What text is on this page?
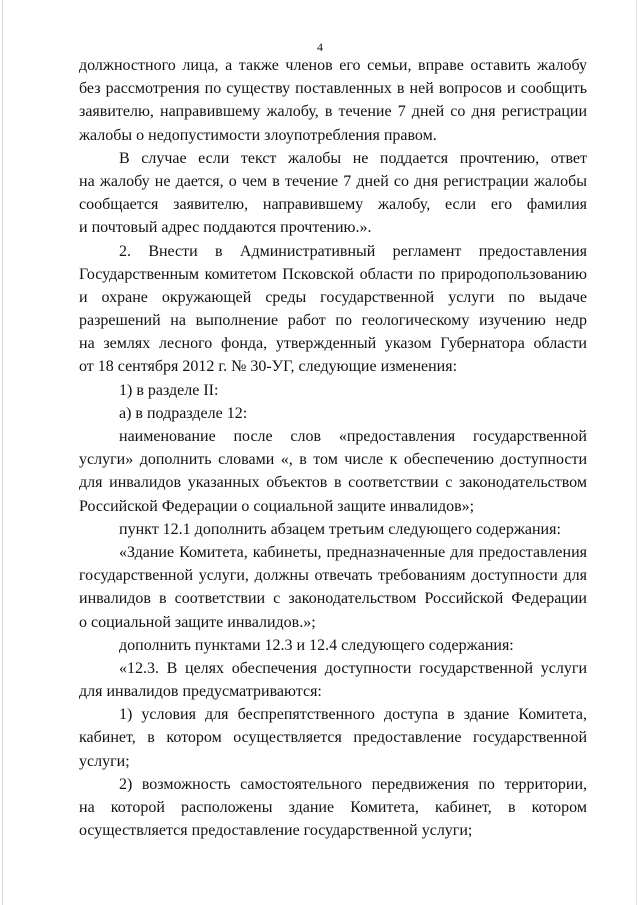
4
должностного лица, а также членов его семьи, вправе оставить жалобу
без рассмотрения по существу поставленных в ней вопросов и сообщить
заявителю, направившему жалобу, в течение 7 дней со дня регистрации
жалобы о недопустимости злоупотребления правом.
В случае если текст жалобы не поддается прочтению, ответ
на жалобу не дается, о чем в течение 7 дней со дня регистрации жалобы
сообщается заявителю, направившему жалобу, если его фамилия
и почтовый адрес поддаются прочтению.».
2. Внести в Административный регламент предоставления
Государственным комитетом Псковской области по природопользованию
и охране окружающей среды государственной услуги по выдаче
разрешений на выполнение работ по геологическому изучению недр
на землях лесного фонда, утвержденный указом Губернатора области
от 18 сентября 2012 г. № 30-УГ, следующие изменения:
1) в разделе II:
а) в подразделе 12:
наименование после слов «предоставления государственной
услуги» дополнить словами «, в том числе к обеспечению доступности
для инвалидов указанных объектов в соответствии с законодательством
Российской Федерации о социальной защите инвалидов»;
пункт 12.1 дополнить абзацем третьим следующего содержания:
«Здание Комитета, кабинеты, предназначенные для предоставления
государственной услуги, должны отвечать требованиям доступности для
инвалидов в соответствии с законодательством Российской Федерации
о социальной защите инвалидов.»;
дополнить пунктами 12.3 и 12.4 следующего содержания:
«12.3. В целях обеспечения доступности государственной услуги
для инвалидов предусматриваются:
1) условия для беспрепятственного доступа в здание Комитета,
кабинет, в котором осуществляется предоставление государственной
услуги;
2) возможность самостоятельного передвижения по территории,
на которой расположены здание Комитета, кабинет, в котором
осуществляется предоставление государственной услуги;
